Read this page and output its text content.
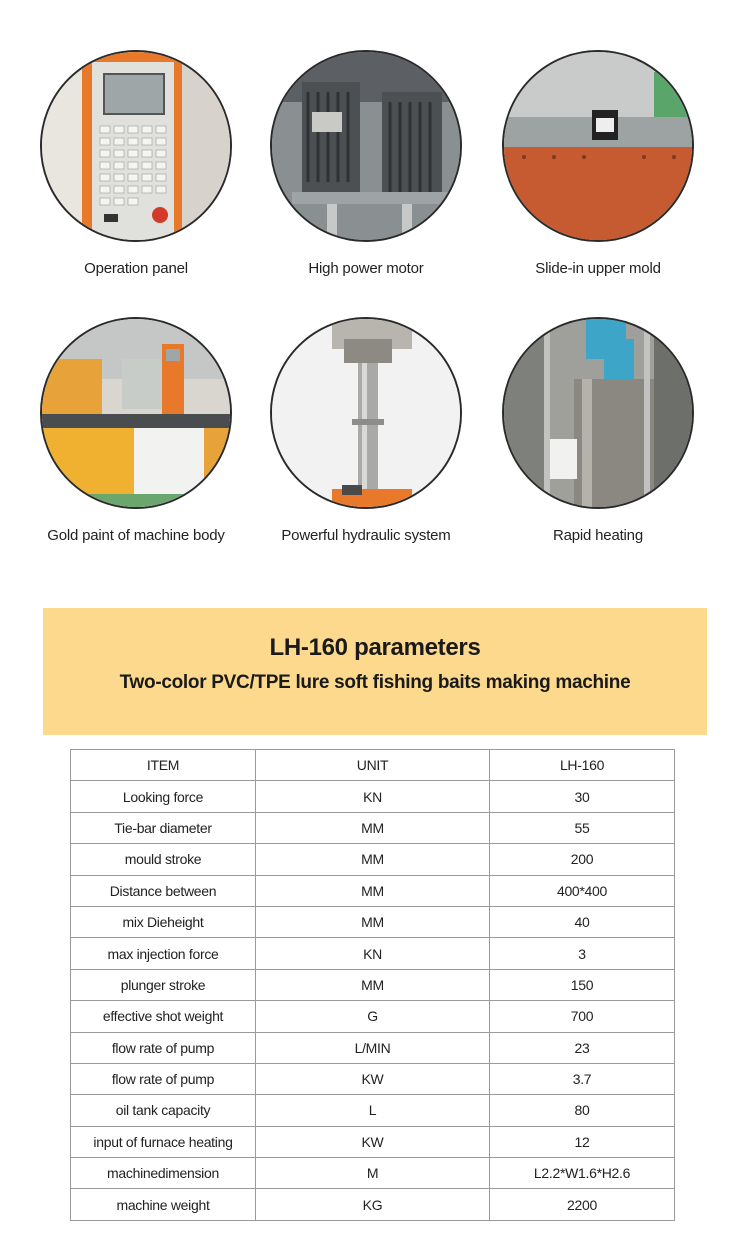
Operation panel	High power motor	Slide-in upper mold
Gold paint of machine body	Powerful hydraulic system	Rapid heating
LH-160 parameters
Two-color PVC/TPE lure soft fishing baits making machine
ITEM	UNIT	LH-160
Looking force	KN	30
Tie-bar diameter	MM	55
mould stroke	MM	200
Distance between	MM	400*400
mix Dieheight	MM	40
max injection force	KN	3
plunger stroke	MM	150
effective shot weight	G	700
flow rate of pump	L/MIN	23
flow rate of pump	KW	3.7
oil tank capacity	L	80
input of furnace heating	KW	12
machinedimension	M	L2.2*W1.6*H2.6
machine weight	KG	2200
